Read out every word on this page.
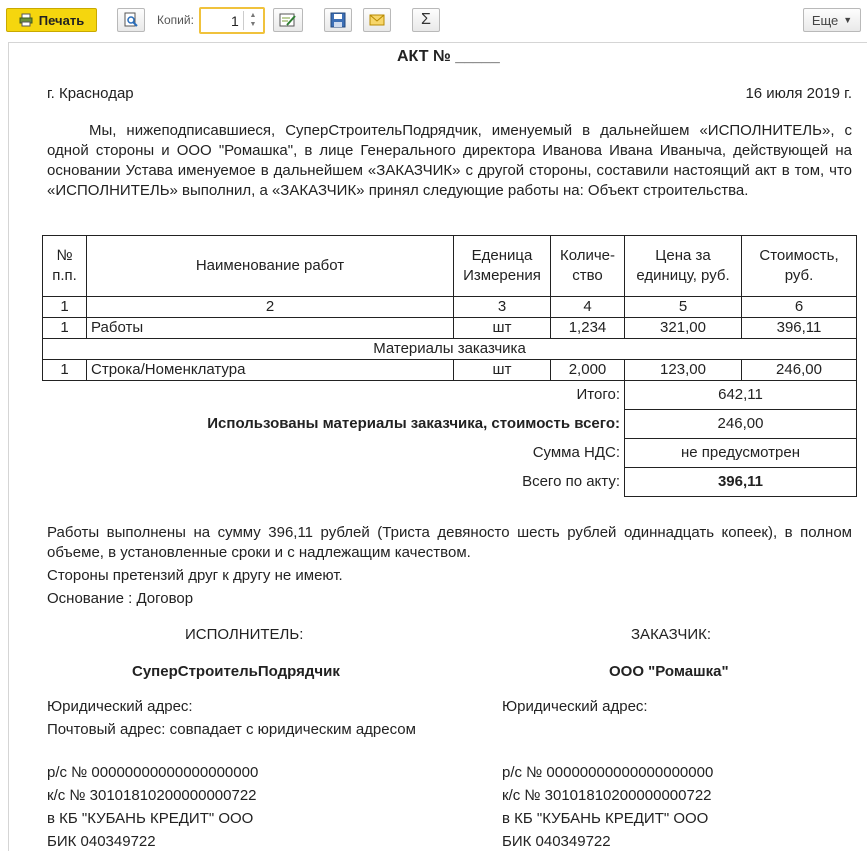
Печать	Копий:	1	▲
▼	Σ	Еще ▼
АКТ № _____
г. Краснодар	16 июля 2019 г.
Мы, нижеподписавшиеся, СуперСтроительПодрядчик, именуемый в дальнейшем «ИСПОЛНИТЕЛЬ», с одной стороны и ООО "Ромашка", в лице Генерального директора Иванова Ивана Иваныча, действующей на основании Устава именуемое в дальнейшем «ЗАКАЗЧИК» с другой стороны, составили настоящий акт в том, что «ИСПОЛНИТЕЛЬ» выполнил, а «ЗАКАЗЧИК» принял следующие работы на: Объект строительства.
№ п.п.	Наименование работ	Еденица Измерения	Количе-ство	Цена за единицу, руб.	Стоимость, руб.
1	2	3	4	5	6
1	Работы	шт	1,234	321,00	396,11
Материалы заказчика					
1	Строка/Номенклатура	шт	2,000	123,00	246,00
Итого:				642,11	
Использованы материалы заказчика, стоимость всего:				246,00	
Сумма НДС:				не предусмотрен	
Всего по акту:				396,11	
Работы выполнены на сумму 396,11 рублей (Триста девяносто шесть рублей одиннадцать копеек), в полном объеме, в установленные сроки и с надлежащим качеством.
Стороны претензий друг к другу не имеют.
Основание : Договор
ИСПОЛНИТЕЛЬ:
СуперСтроительПодрядчик
Юридический адрес:
Почтовый адрес: совпадает с юридическим адресом
р/с № 00000000000000000000
к/с № 30101810200000000722
в КБ "КУБАНЬ КРЕДИТ" ООО
БИК 040349722
ЗАКАЗЧИК:
ООО "Ромашка"
Юридический адрес:
р/с № 00000000000000000000
к/с № 30101810200000000722
в КБ "КУБАНЬ КРЕДИТ" ООО
БИК 040349722
